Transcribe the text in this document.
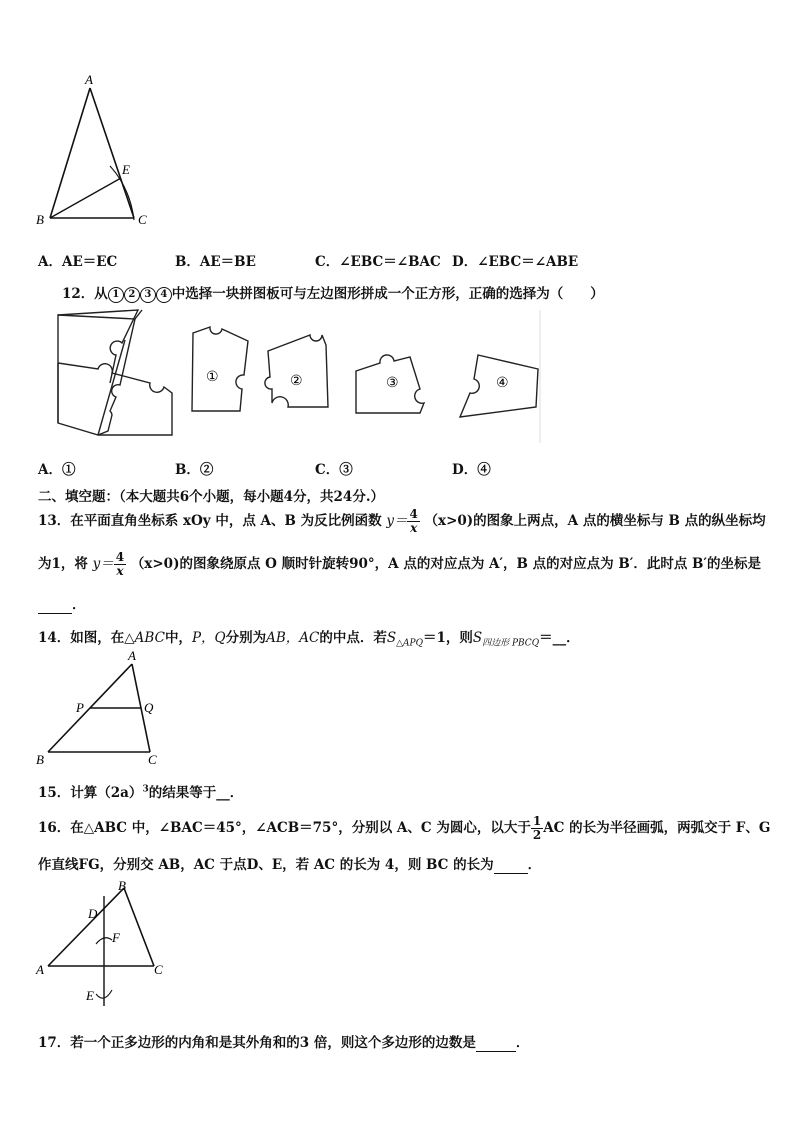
A
E
B	C
A．AE＝EC	B．AE＝BE	C．∠EBC＝∠BAC D．∠EBC＝∠ABE
12．从 1 2 3 4 中选择一块拼图板可与左边图形拼成一个正方形，正确的选择为（　　）
①	②	③	④
A．①	B．②	C．③	D．④
二、填空题：（本大题共6个小题，每小题4分，共24分.）
13．在平面直角坐标系 xOy 中，点 A、B 为反比例函数 $y= \frac{4}{x} (x>0)$的图象上两点，A 点的横坐标与 B 点的纵坐标均
为1，将 $y= \frac{4}{x} (x>0)$的图象绕原点 O 顺时针旋转90°，A 点的对应点为 A′，B 点的对应点为 B′．此时点 B′的坐标是
．
14．如图，在△ABC中，P，Q分别为AB，AC的中点．若$S_{\triangle APQ}=1$，则$S_{四边形 PBCQ}=\_\_$．
A
P	Q
B	C
15．计算$(2a)^3$的结果等于__．
16．在△ABC 中，∠BAC＝45°，∠ACB＝75°，分别以 A、C 为圆心，以大于 $\frac{1}{2}$ AC 的长为半径画弧，两弧交于 F、G
作直线FG，分别交 AB，AC 于点D、E，若 AC 的长为 4，则 BC 的长为	．
B
D
F
A	C
E
17．若一个正多边形的内角和是其外角和的3 倍，则这个多边形的边数是	．
